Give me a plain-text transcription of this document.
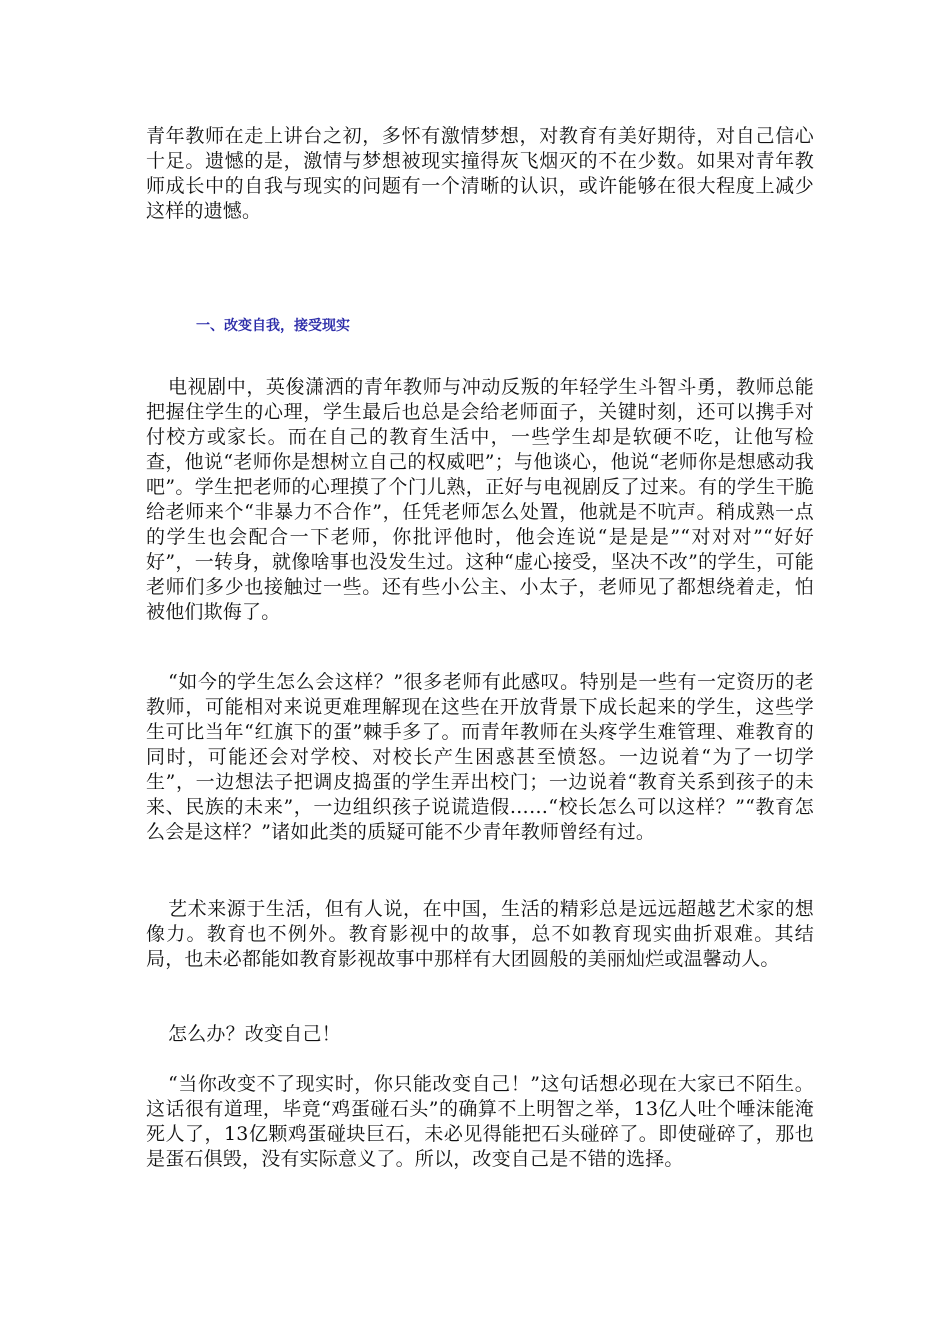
青年教师在走上讲台之初，多怀有激情梦想，对教育有美好期待，对自己信心十足。遗憾的是，激情与梦想被现实撞得灰飞烟灭的不在少数。如果对青年教师成长中的自我与现实的问题有一个清晰的认识，或许能够在很大程度上减少这样的遗憾。

一、改变自我，接受现实

电视剧中，英俊潇洒的青年教师与冲动反叛的年轻学生斗智斗勇，教师总能把握住学生的心理，学生最后也总是会给老师面子，关键时刻，还可以携手对付校方或家长。而在自己的教育生活中，一些学生却是软硬不吃，让他写检查，他说“老师你是想树立自己的权威吧”；与他谈心，他说“老师你是想感动我吧”。学生把老师的心理摸了个门儿熟，正好与电视剧反了过来。有的学生干脆给老师来个“非暴力不合作”，任凭老师怎么处置，他就是不吭声。稍成熟一点的学生也会配合一下老师，你批评他时，他会连说“是是是”“对对对”“好好好”，一转身，就像啥事也没发生过。这种“虚心接受，坚决不改”的学生，可能老师们多少也接触过一些。还有些小公主、小太子，老师见了都想绕着走，怕被他们欺侮了。

“如今的学生怎么会这样？”很多老师有此感叹。特别是一些有一定资历的老教师，可能相对来说更难理解现在这些在开放背景下成长起来的学生，这些学生可比当年“红旗下的蛋”棘手多了。而青年教师在头疼学生难管理、难教育的同时，可能还会对学校、对校长产生困惑甚至愤怒。一边说着“为了一切学生”，一边想法子把调皮捣蛋的学生弄出校门；一边说着“教育关系到孩子的未来、民族的未来”，一边组织孩子说谎造假……“校长怎么可以这样？”“教育怎么会是这样？”诸如此类的质疑可能不少青年教师曾经有过。

艺术来源于生活，但有人说，在中国，生活的精彩总是远远超越艺术家的想像力。教育也不例外。教育影视中的故事，总不如教育现实曲折艰难。其结局，也未必都能如教育影视故事中那样有大团圆般的美丽灿烂或温馨动人。

怎么办？改变自己！

“当你改变不了现实时，你只能改变自己！”这句话想必现在大家已不陌生。这话很有道理，毕竟“鸡蛋碰石头”的确算不上明智之举，13亿人吐个唾沫能淹死人了，13亿颗鸡蛋碰块巨石，未必见得能把石头碰碎了。即使碰碎了，那也是蛋石俱毁，没有实际意义了。所以，改变自己是不错的选择。
